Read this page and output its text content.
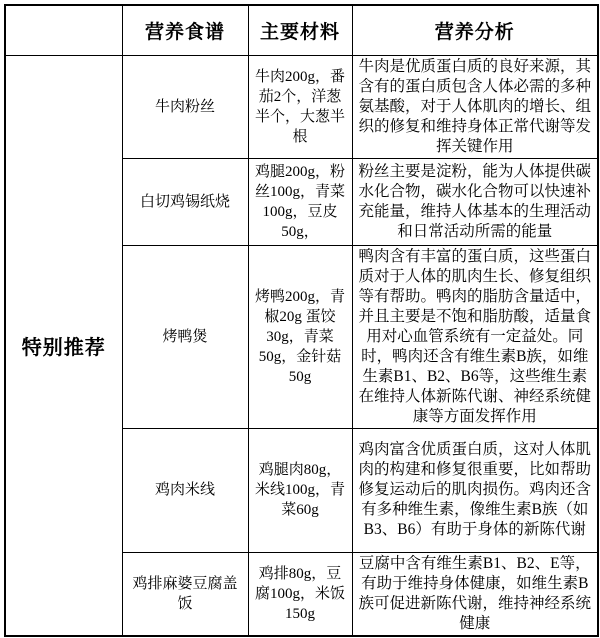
	营养食谱	主要材料	营养分析
特别推荐	牛肉粉丝	牛肉200g，番茄2个，洋葱半个，大葱半根	牛肉是优质蛋白质的良好来源，其含有的蛋白质包含人体必需的多种氨基酸，对于人体肌肉的增长、组织的修复和维持身体正常代谢等发挥关键作用
	白切鸡锡纸烧	鸡腿200g，粉丝100g，青菜100g，豆皮50g，	粉丝主要是淀粉，能为人体提供碳水化合物，碳水化合物可以快速补充能量，维持人体基本的生理活动和日常活动所需的能量
	烤鸭煲	烤鸭200g，青椒20g 蛋饺30g，青菜50g，金针菇50g	鸭肉含有丰富的蛋白质，这些蛋白质对于人体的肌肉生长、修复组织等有帮助。鸭肉的脂肪含量适中，并且主要是不饱和脂肪酸，适量食用对心血管系统有一定益处。同时，鸭肉还含有维生素B族，如维生素B1、B2、B6等，这些维生素在维持人体新陈代谢、神经系统健康等方面发挥作用
	鸡肉米线	鸡腿肉80g，米线100g，青菜60g	鸡肉富含优质蛋白质，这对人体肌肉的构建和修复很重要，比如帮助修复运动后的肌肉损伤。鸡肉还含有多种维生素，像维生素B族（如B3、B6）有助于身体的新陈代谢
	鸡排麻婆豆腐盖饭	鸡排80g，豆腐100g，米饭150g	豆腐中含有维生素B1、B2、E等，有助于维持身体健康，如维生素B族可促进新陈代谢，维持神经系统健康
